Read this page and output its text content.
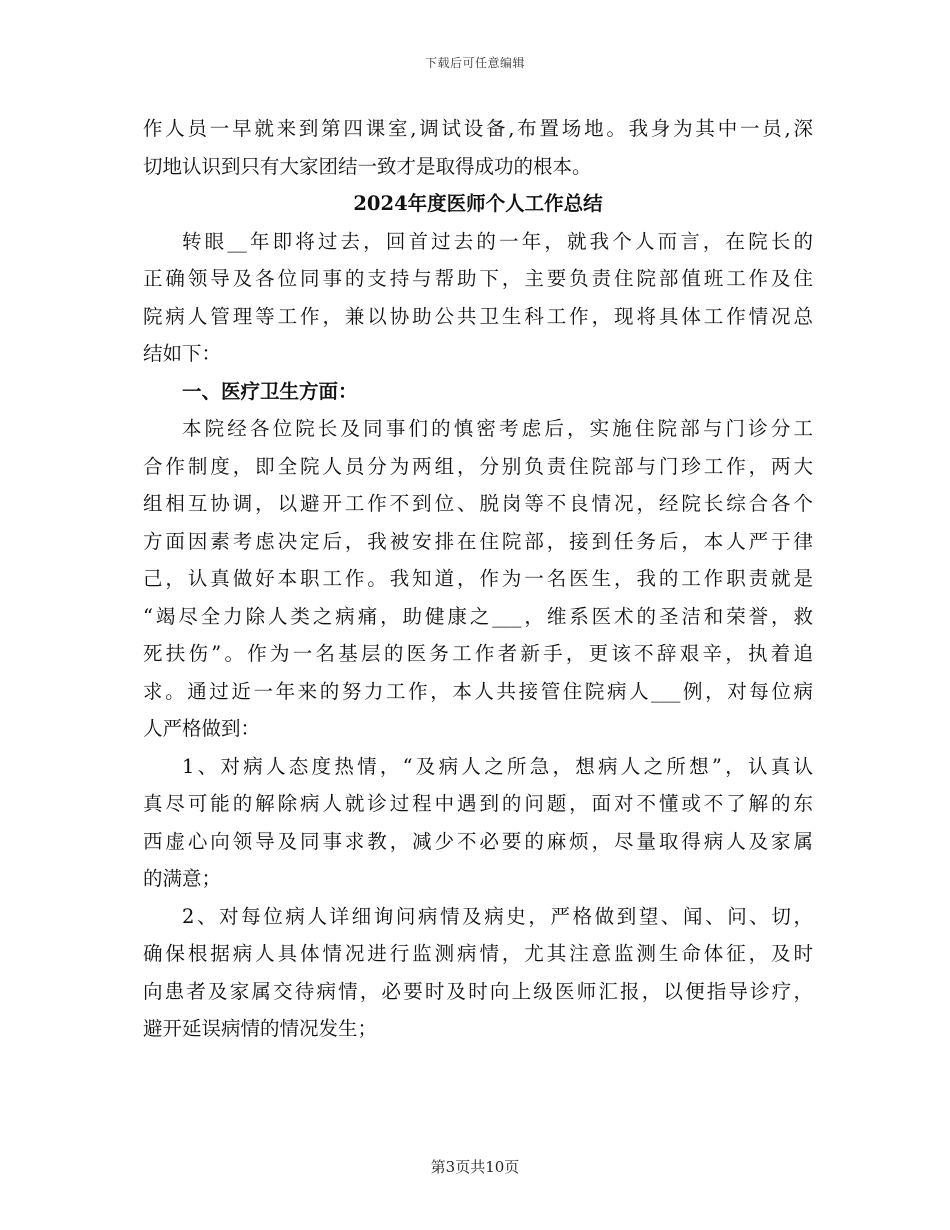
下载后可任意编辑
作人员一早就来到第四课室,调试设备,布置场地。我身为其中一员,深
切地认识到只有大家团结一致才是取得成功的根本。
2024年度医师个人工作总结
转眼__年即将过去，回首过去的一年，就我个人而言，在院长的
正确领导及各位同事的支持与帮助下，主要负责住院部值班工作及住
院病人管理等工作，兼以协助公共卫生科工作，现将具体工作情况总
结如下：
一、医疗卫生方面：
本院经各位院长及同事们的慎密考虑后，实施住院部与门诊分工
合作制度，即全院人员分为两组，分别负责住院部与门珍工作，两大
组相互协调，以避开工作不到位、脱岗等不良情况，经院长综合各个
方面因素考虑决定后，我被安排在住院部，接到任务后，本人严于律
己，认真做好本职工作。我知道，作为一名医生，我的工作职责就是
“竭尽全力除人类之病痛，助健康之___，维系医术的圣洁和荣誉，救
死扶伤”。作为一名基层的医务工作者新手，更该不辞艰辛，执着追
求。通过近一年来的努力工作，本人共接管住院病人___例，对每位病
人严格做到：
1、对病人态度热情，“及病人之所急，想病人之所想”，认真认
真尽可能的解除病人就诊过程中遇到的问题，面对不懂或不了解的东
西虚心向领导及同事求教，减少不必要的麻烦，尽量取得病人及家属
的满意；
2、对每位病人详细询问病情及病史，严格做到望、闻、问、切，
确保根据病人具体情况进行监测病情，尤其注意监测生命体征，及时
向患者及家属交待病情，必要时及时向上级医师汇报，以便指导诊疗，
避开延误病情的情况发生；
第3页共10页
